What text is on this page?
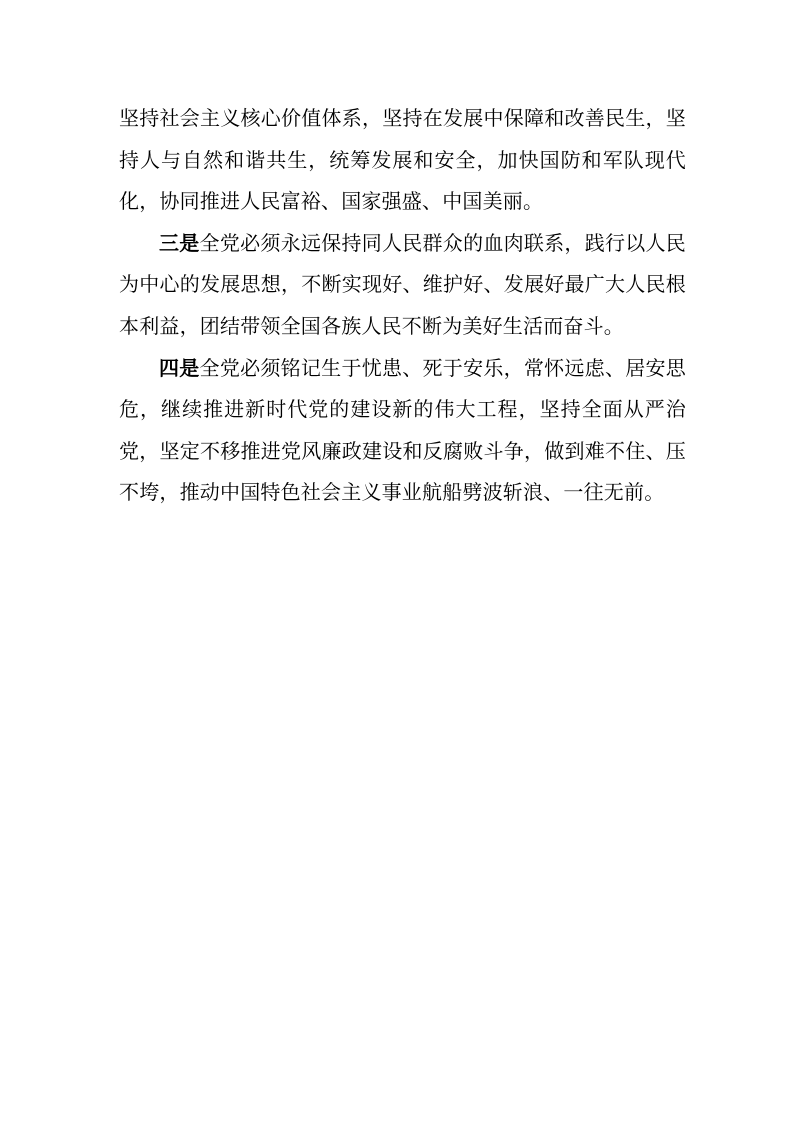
坚持社会主义核心价值体系，坚持在发展中保障和改善民生，坚持人与自然和谐共生，统筹发展和安全，加快国防和军队现代化，协同推进人民富裕、国家强盛、中国美丽。

三是全党必须永远保持同人民群众的血肉联系，践行以人民为中心的发展思想，不断实现好、维护好、发展好最广大人民根本利益，团结带领全国各族人民不断为美好生活而奋斗。

四是全党必须铭记生于忧患、死于安乐，常怀远虑、居安思危，继续推进新时代党的建设新的伟大工程，坚持全面从严治党，坚定不移推进党风廉政建设和反腐败斗争，做到难不住、压不垮，推动中国特色社会主义事业航船劈波斩浪、一往无前。
